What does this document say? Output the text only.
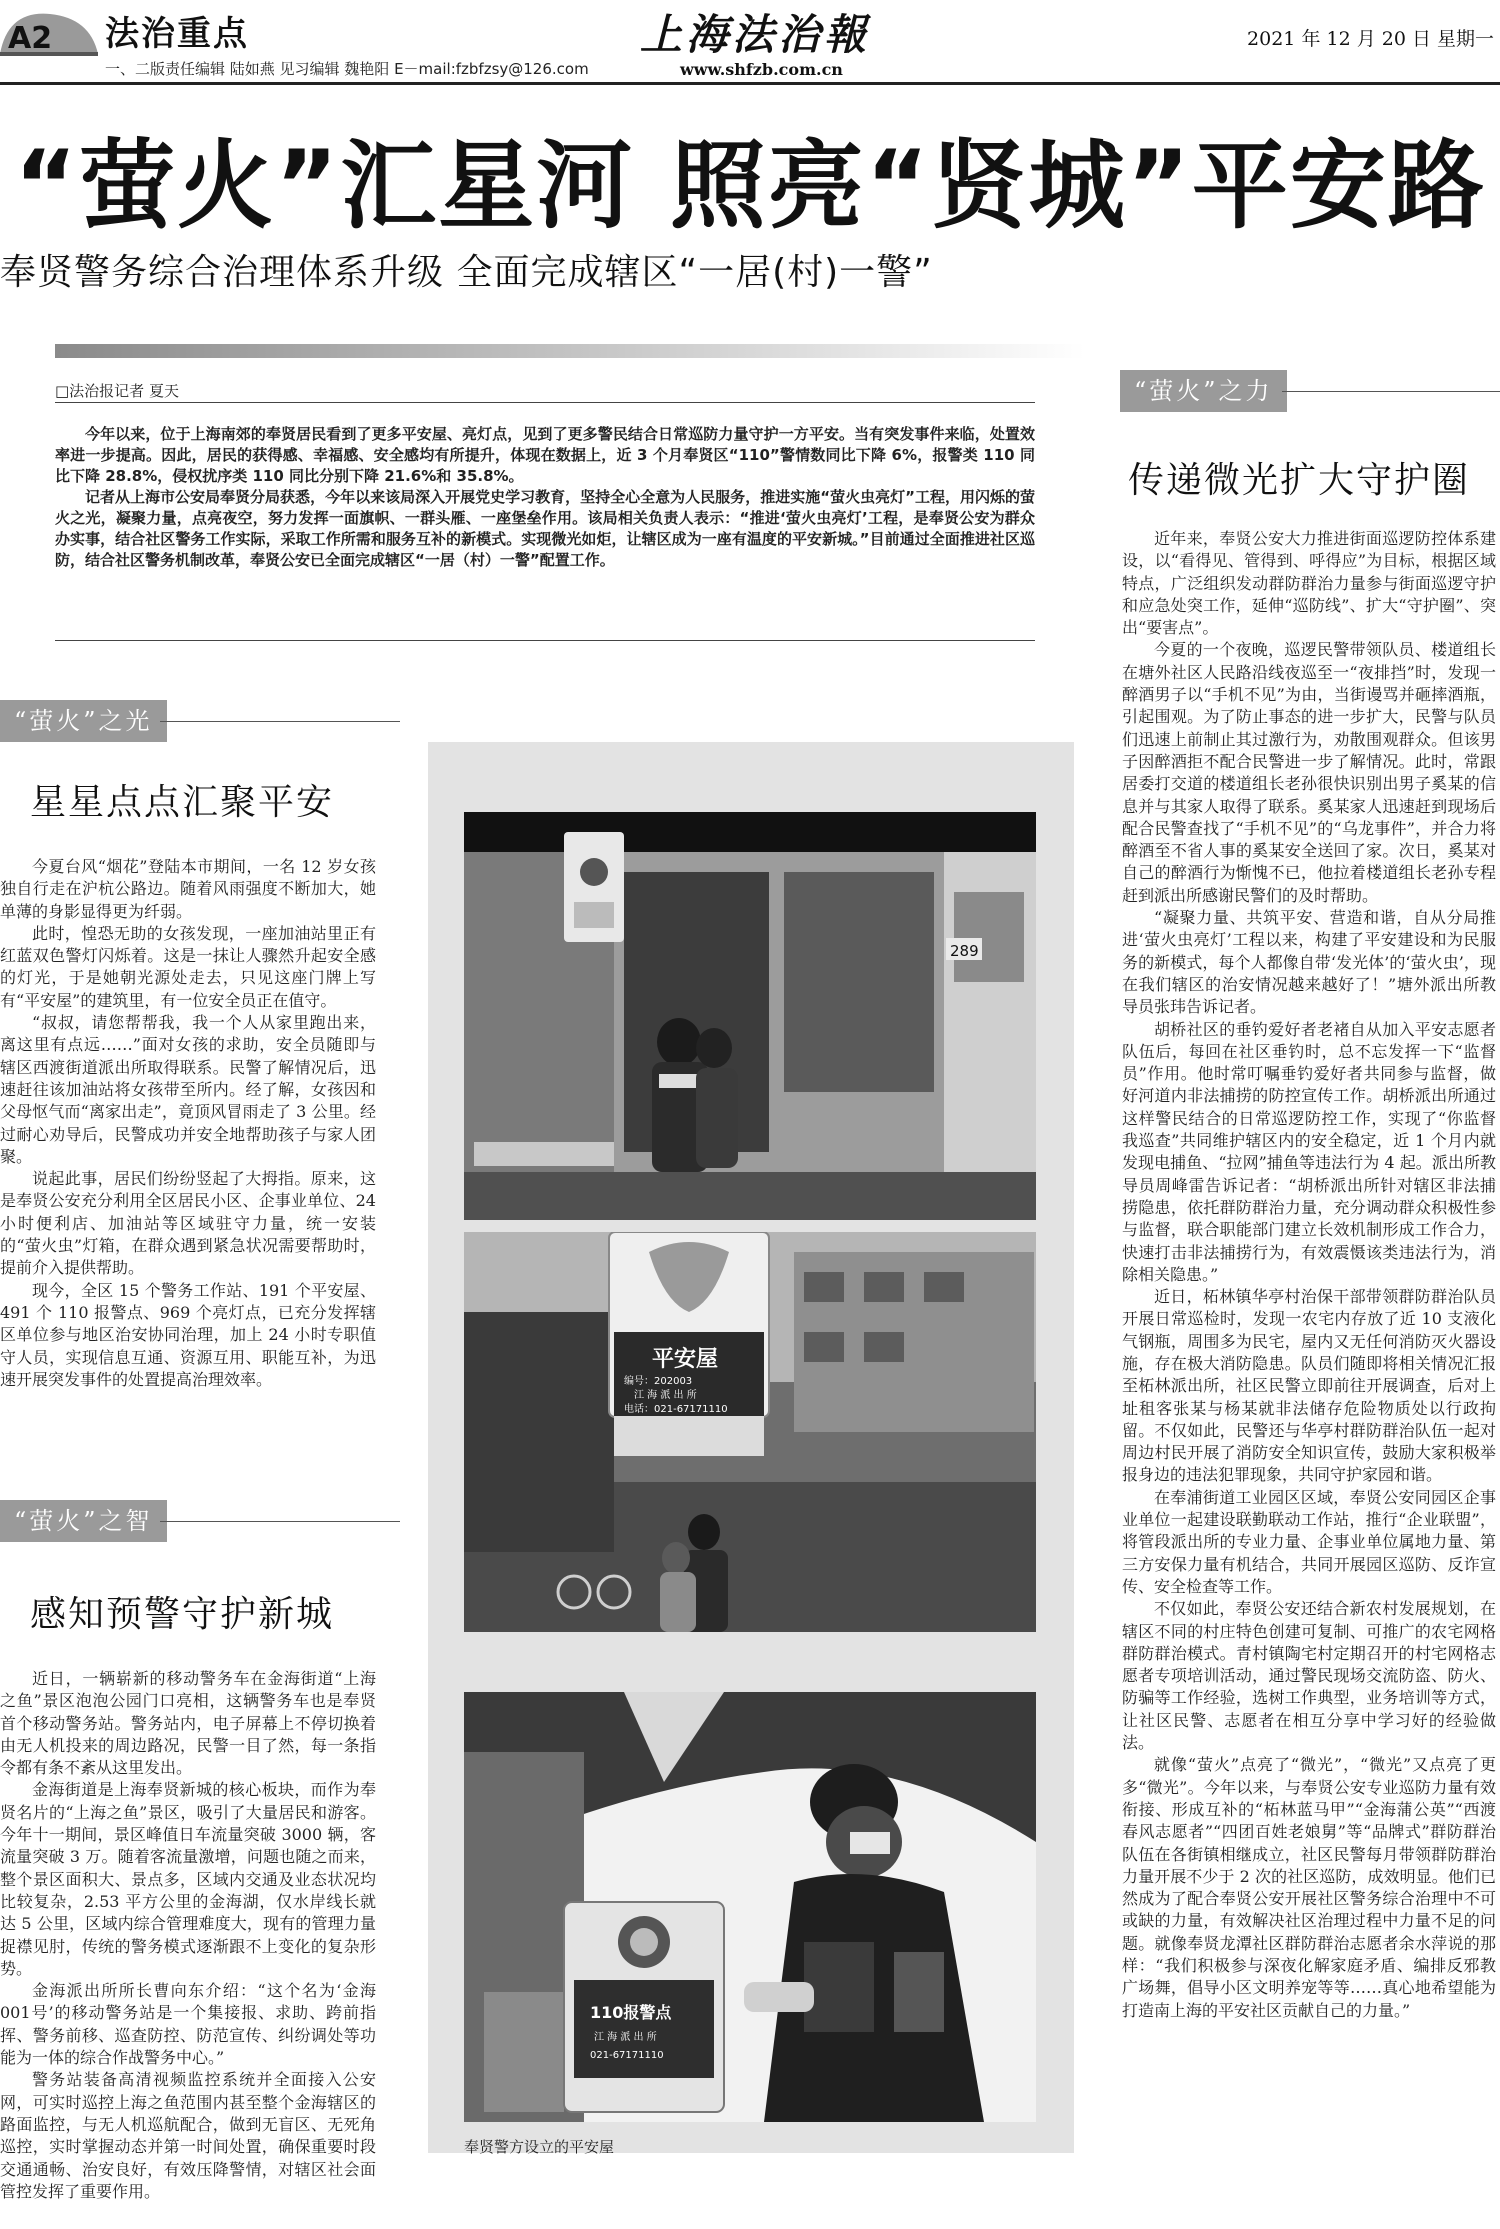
A2 法治重点
一、二版责任编辑 陆如燕 见习编辑 魏艳阳 E－mail:fzbfzsy@126.com
上海法治報
www.shfzb.com.cn
2021 年 12 月 20 日 星期一
“萤火”汇星河 照亮“贤城”平安路
奉贤警务综合治理体系升级 全面完成辖区“一居(村)一警”
□法治报记者 夏天

今年以来，位于上海南郊的奉贤居民看到了更多平安屋、亮灯点，见到了更多警民结合日常巡防力量守护一方平安。当有突发事件来临，处置效率进一步提高。因此，居民的获得感、幸福感、安全感均有所提升，体现在数据上，近 3 个月奉贤区“110”警情数同比下降 6%，报警类 110 同比下降 28.8%，侵权扰序类 110 同比分别下降 21.6%和 35.8%。

记者从上海市公安局奉贤分局获悉，今年以来该局深入开展党史学习教育，坚持全心全意为人民服务，推进实施“萤火虫亮灯”工程，用闪烁的萤火之光，凝聚力量，点亮夜空，努力发挥一面旗帜、一群头雁、一座堡垒作用。该局相关负责人表示：“推进‘萤火虫亮灯’工程，是奉贤公安为群众办实事，结合社区警务工作实际，采取工作所需和服务互补的新模式。实现微光如炬，让辖区成为一座有温度的平安新城。”目前通过全面推进社区巡防，结合社区警务机制改革，奉贤公安已全面完成辖区“一居（村）一警”配置工作。

“萤火”之光
星星点点汇聚平安

今夏台风“烟花”登陆本市期间，一名 12 岁女孩独自行走在沪杭公路边。随着风雨强度不断加大，她单薄的身影显得更为纤弱。

此时，惶恐无助的女孩发现，一座加油站里正有红蓝双色警灯闪烁着。这是一抹让人骤然升起安全感的灯光，于是她朝光源处走去，只见这座门牌上写有“平安屋”的建筑里，有一位安全员正在值守。

“叔叔，请您帮帮我，我一个人从家里跑出来，离这里有点远……”面对女孩的求助，安全员随即与辖区西渡街道派出所取得联系。民警了解情况后，迅速赶往该加油站将女孩带至所内。经了解，女孩因和父母怄气而“离家出走”，竟顶风冒雨走了 3 公里。经过耐心劝导后，民警成功并安全地帮助孩子与家人团聚。

说起此事，居民们纷纷竖起了大拇指。原来，这是奉贤公安充分利用全区居民小区、企事业单位、24 小时便利店、加油站等区域驻守力量，统一安装的“萤火虫”灯箱，在群众遇到紧急状况需要帮助时，提前介入提供帮助。

现今，全区 15 个警务工作站、191 个平安屋、491 个 110 报警点、969 个亮灯点，已充分发挥辖区单位参与地区治安协同治理，加上 24 小时专职值守人员，实现信息互通、资源互用、职能互补，为迅速开展突发事件的处置提高治理效率。

“萤火”之智
感知预警守护新城

近日，一辆崭新的移动警务车在金海街道“上海之鱼”景区泡泡公园门口亮相，这辆警务车也是奉贤首个移动警务站。警务站内，电子屏幕上不停切换着由无人机投来的周边路况，民警一目了然，每一条指令都有条不紊从这里发出。

金海街道是上海奉贤新城的核心板块，而作为奉贤名片的“上海之鱼”景区，吸引了大量居民和游客。今年十一期间，景区峰值日车流量突破 3000 辆，客流量突破 3 万。随着客流量激增，问题也随之而来，整个景区面积大、景点多，区域内交通及业态状况均比较复杂，2.53 平方公里的金海湖，仅水岸线长就达 5 公里，区域内综合管理难度大，现有的管理力量捉襟见肘，传统的警务模式逐渐跟不上变化的复杂形势。

金海派出所所长曹向东介绍：“这个名为‘金海001号’的移动警务站是一个集接报、求助、跨前指挥、警务前移、巡查防控、防范宣传、纠纷调处等功能为一体的综合作战警务中心。”

警务站装备高清视频监控系统并全面接入公安网，可实时巡控上海之鱼范围内甚至整个金海辖区的路面监控，与无人机巡航配合，做到无盲区、无死角巡控，实时掌握动态并第一时间处置，确保重要时段交通通畅、治安良好，有效压降警情，对辖区社会面管控发挥了重要作用。

289
平安屋
编号：202003
江 海 派 出 所
电话：021-67171110
110报警点
江 海 派 出 所
021-67171110
奉贤警方设立的平安屋
“萤火”之力
传递微光扩大守护圈

近年来，奉贤公安大力推进街面巡逻防控体系建设，以“看得见、管得到、呼得应”为目标，根据区域特点，广泛组织发动群防群治力量参与街面巡逻守护和应急处突工作，延伸“巡防线”、扩大“守护圈”、突出“要害点”。

今夏的一个夜晚，巡逻民警带领队员、楼道组长在塘外社区人民路沿线夜巡至一“夜排挡”时，发现一醉酒男子以“手机不见”为由，当街谩骂并砸摔酒瓶，引起围观。为了防止事态的进一步扩大，民警与队员们迅速上前制止其过激行为，劝散围观群众。但该男子因醉酒拒不配合民警进一步了解情况。此时，常跟居委打交道的楼道组长老孙很快识别出男子奚某的信息并与其家人取得了联系。奚某家人迅速赶到现场后配合民警查找了“手机不见”的“乌龙事件”，并合力将醉酒至不省人事的奚某安全送回了家。次日，奚某对自己的醉酒行为惭愧不已，他拉着楼道组长老孙专程赶到派出所感谢民警们的及时帮助。

“凝聚力量、共筑平安、营造和谐，自从分局推进‘萤火虫亮灯’工程以来，构建了平安建设和为民服务的新模式，每个人都像自带‘发光体’的‘萤火虫’，现在我们辖区的治安情况越来越好了！”塘外派出所教导员张玮告诉记者。

胡桥社区的垂钓爱好者老褚自从加入平安志愿者队伍后，每回在社区垂钓时，总不忘发挥一下“监督员”作用。他时常叮嘱垂钓爱好者共同参与监督，做好河道内非法捕捞的防控宣传工作。胡桥派出所通过这样警民结合的日常巡逻防控工作，实现了“你监督 我巡查”共同维护辖区内的安全稳定，近 1 个月内就发现电捕鱼、“拉网”捕鱼等违法行为 4 起。派出所教导员周峰雷告诉记者：“胡桥派出所针对辖区非法捕捞隐患，依托群防群治力量，充分调动群众积极性参与监督，联合职能部门建立长效机制形成工作合力，快速打击非法捕捞行为，有效震慑该类违法行为，消除相关隐患。”

近日，柘林镇华亭村治保干部带领群防群治队员开展日常巡检时，发现一农宅内存放了近 10 支液化气钢瓶，周围多为民宅，屋内又无任何消防灭火器设施，存在极大消防隐患。队员们随即将相关情况汇报至柘林派出所，社区民警立即前往开展调查，后对上址租客张某与杨某就非法储存危险物质处以行政拘留。不仅如此，民警还与华亭村群防群治队伍一起对周边村民开展了消防安全知识宣传，鼓励大家积极举报身边的违法犯罪现象，共同守护家园和谐。

在奉浦街道工业园区区域，奉贤公安同园区企事业单位一起建设联勤联动工作站，推行“企业联盟”，将管段派出所的专业力量、企事业单位属地力量、第三方安保力量有机结合，共同开展园区巡防、反诈宣传、安全检查等工作。

不仅如此，奉贤公安还结合新农村发展规划，在辖区不同的村庄特色创建可复制、可推广的农宅网格群防群治模式。青村镇陶宅村定期召开的村宅网格志愿者专项培训活动，通过警民现场交流防盗、防火、防骗等工作经验，选树工作典型，业务培训等方式，让社区民警、志愿者在相互分享中学习好的经验做法。

就像“萤火”点亮了“微光”，“微光”又点亮了更多“微光”。今年以来，与奉贤公安专业巡防力量有效衔接、形成互补的“柘林蓝马甲”“金海蒲公英”“西渡春风志愿者”“四团百姓老娘舅”等“品牌式”群防群治队伍在各街镇相继成立，社区民警每月带领群防群治力量开展不少于 2 次的社区巡防，成效明显。他们已然成为了配合奉贤公安开展社区警务综合治理中不可或缺的力量，有效解决社区治理过程中力量不足的问题。就像奉贤龙潭社区群防群治志愿者余水萍说的那样：“我们积极参与深夜化解家庭矛盾、编排反邪教广场舞，倡导小区文明养宠等等……真心地希望能为打造南上海的平安社区贡献自己的力量。”
